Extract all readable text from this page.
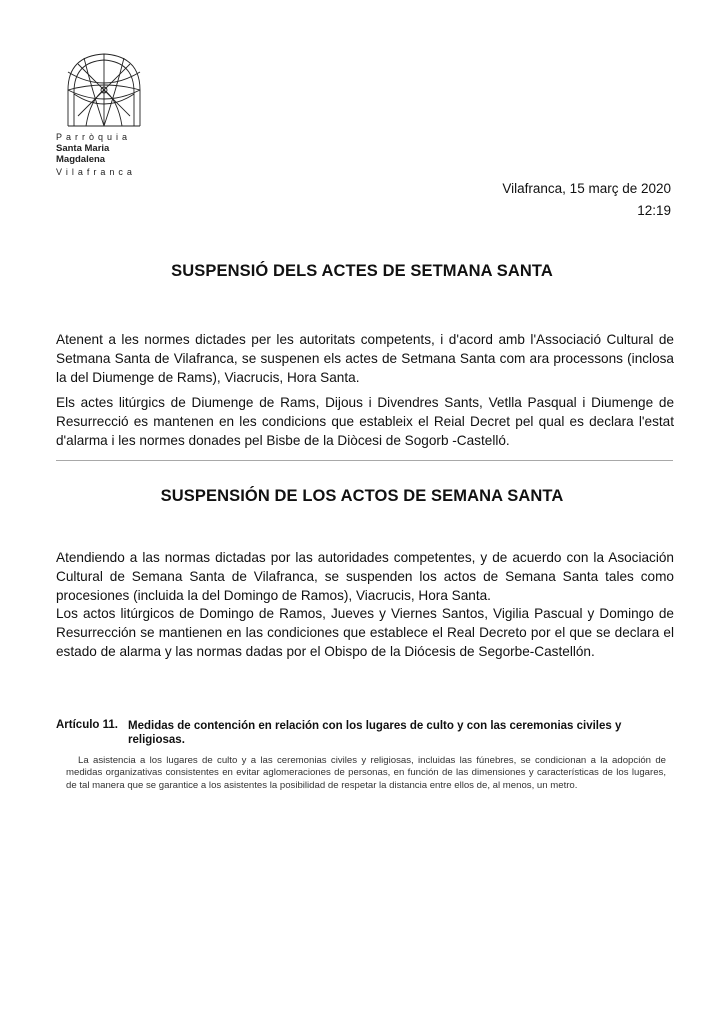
Parròquia
Santa Maria Magdalena
Vilafranca
Vilafranca, 15 març de 2020
12:19
SUSPENSIÓ DELS ACTES DE SETMANA SANTA

Atenent a les normes dictades per les autoritats competents, i d'acord amb l'Associació Cultural de Setmana Santa de Vilafranca, se suspenen els actes de Setmana Santa com ara processons (inclosa la del Diumenge de Rams), Viacrucis, Hora Santa.

Els actes litúrgics de Diumenge de Rams, Dijous i Divendres Sants, Vetlla Pasqual i Diumenge de Resurrecció es mantenen en les condicions que estableix el Reial Decret pel qual es declara l'estat d'alarma i les normes donades pel Bisbe de la Diòcesi de Sogorb -Castelló.

SUSPENSIÓN DE LOS ACTOS DE SEMANA SANTA

Atendiendo a las normas dictadas por las autoridades competentes, y de acuerdo con la Asociación Cultural de Semana Santa de Vilafranca, se suspenden los actos de Semana Santa tales como procesiones (incluida la del Domingo de Ramos), Viacrucis, Hora Santa.

Los actos litúrgicos de Domingo de Ramos, Jueves y Viernes Santos, Vigilia Pascual y Domingo de Resurrección se mantienen en las condiciones que establece el Real Decreto por el que se declara el estado de alarma y las normas dadas por el Obispo de la Diócesis de Segorbe-Castellón.

Artículo 11. Medidas de contención en relación con los lugares de culto y con las ceremonias civiles y religiosas.
La asistencia a los lugares de culto y a las ceremonias civiles y religiosas, incluidas las fúnebres, se condicionan a la adopción de medidas organizativas consistentes en evitar aglomeraciones de personas, en función de las dimensiones y características de los lugares, de tal manera que se garantice a los asistentes la posibilidad de respetar la distancia entre ellos de, al menos, un metro.
